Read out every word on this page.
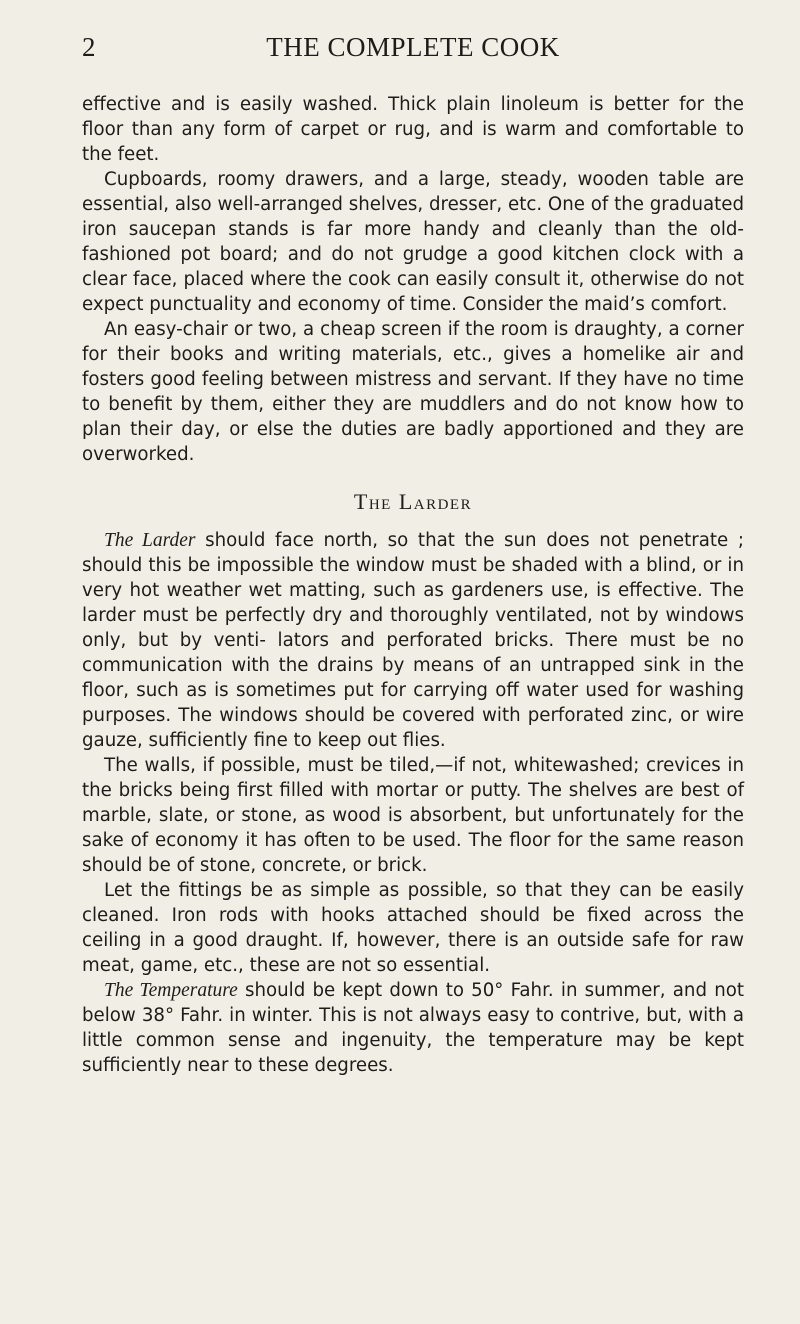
2	THE COMPLETE COOK

effective and is easily washed. Thick plain linoleum is better for the floor than any form of carpet or rug, and is warm and comfortable to the feet.

Cupboards, roomy drawers, and a large, steady, wooden table are essential, also well-arranged shelves, dresser, etc. One of the graduated iron saucepan stands is far more handy and cleanly than the old-fashioned pot board; and do not grudge a good kitchen clock with a clear face, placed where the cook can easily consult it, otherwise do not expect punctuality and economy of time. Consider the maid’s comfort.

An easy-chair or two, a cheap screen if the room is draughty, a corner for their books and writing materials, etc., gives a homelike air and fosters good feeling between mistress and servant. If they have no time to benefit by them, either they are muddlers and do not know how to plan their day, or else the duties are badly apportioned and they are overworked.

The Larder

The Larder should face north, so that the sun does not penetrate ; should this be impossible the window must be shaded with a blind, or in very hot weather wet matting, such as gardeners use, is effective. The larder must be perfectly dry and thoroughly ventilated, not by windows only, but by venti- lators and perforated bricks. There must be no communication with the drains by means of an untrapped sink in the floor, such as is sometimes put for carrying off water used for washing purposes. The windows should be covered with perforated zinc, or wire gauze, sufficiently fine to keep out flies.

The walls, if possible, must be tiled,—if not, whitewashed; crevices in the bricks being first filled with mortar or putty. The shelves are best of marble, slate, or stone, as wood is absorbent, but unfortunately for the sake of economy it has often to be used. The floor for the same reason should be of stone, concrete, or brick.

Let the fittings be as simple as possible, so that they can be easily cleaned. Iron rods with hooks attached should be fixed across the ceiling in a good draught. If, however, there is an outside safe for raw meat, game, etc., these are not so essential.

The Temperature should be kept down to 50° Fahr. in summer, and not below 38° Fahr. in winter. This is not always easy to contrive, but, with a little common sense and ingenuity, the temperature may be kept sufficiently near to these degrees.
